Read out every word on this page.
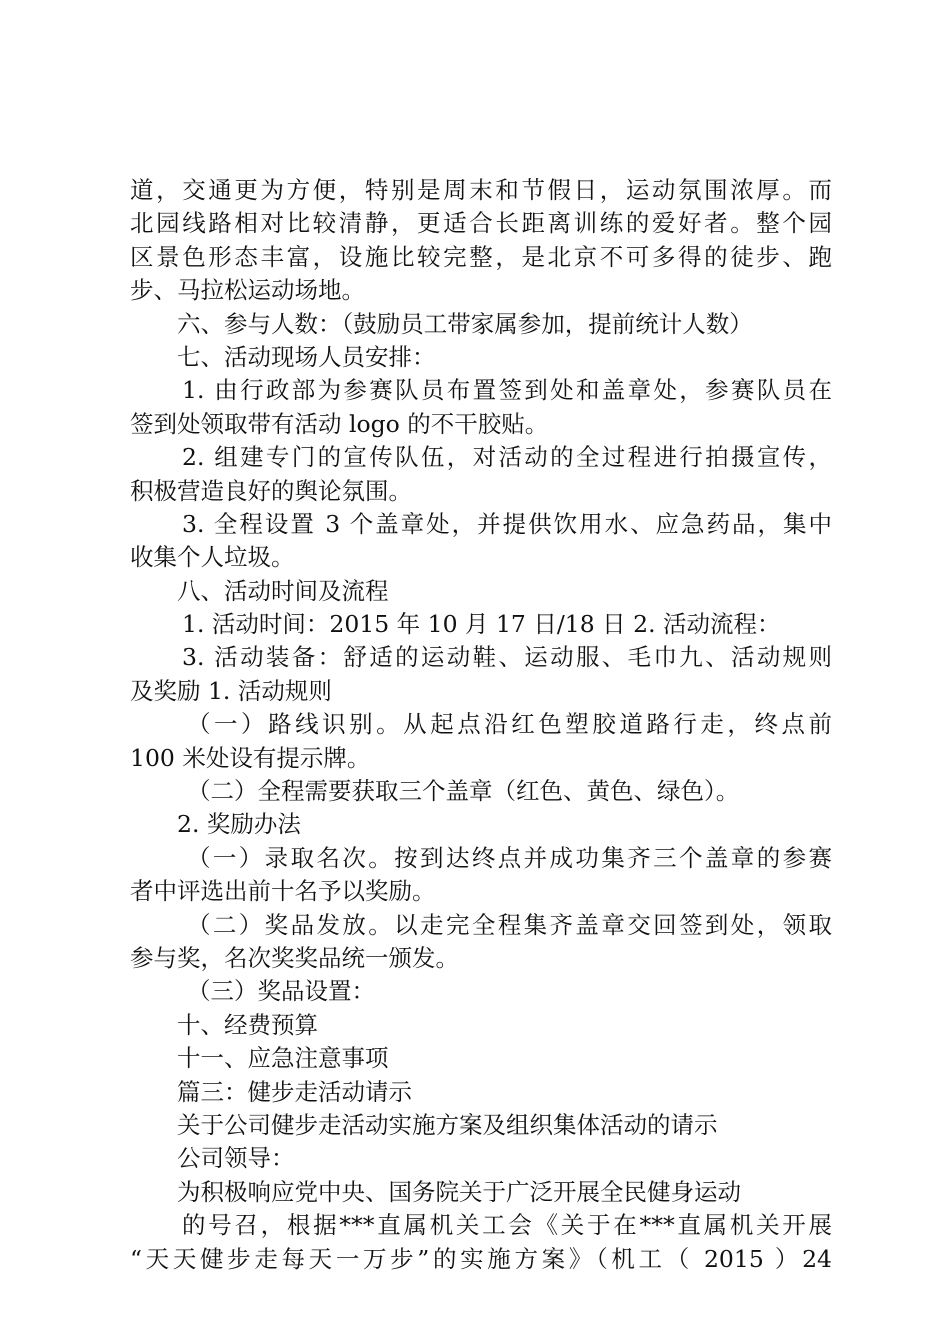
道，交通更为方便，特别是周末和节假日，运动氛围浓厚。而
北园线路相对比较清静，更适合长距离训练的爱好者。整个园
区景色形态丰富，设施比较完整，是北京不可多得的徒步、跑
步、马拉松运动场地。
六、参与人数：（鼓励员工带家属参加，提前统计人数）
七、活动现场人员安排：
1. 由行政部为参赛队员布置签到处和盖章处，参赛队员在
签到处领取带有活动 logo 的不干胶贴。
2. 组建专门的宣传队伍，对活动的全过程进行拍摄宣传，
积极营造良好的舆论氛围。
3. 全程设置 3 个盖章处，并提供饮用水、应急药品，集中
收集个人垃圾。
八、活动时间及流程
1. 活动时间：2015 年 10 月 17 日/18 日 2. 活动流程：
3. 活动装备：舒适的运动鞋、运动服、毛巾九、活动规则
及奖励 1. 活动规则
（一）路线识别。从起点沿红色塑胶道路行走，终点前
100 米处设有提示牌。
（二）全程需要获取三个盖章（红色、黄色、绿色）。
2. 奖励办法
（一）录取名次。按到达终点并成功集齐三个盖章的参赛
者中评选出前十名予以奖励。
（二）奖品发放。以走完全程集齐盖章交回签到处，领取
参与奖，名次奖奖品统一颁发。
（三）奖品设置：
十、经费预算
十一、应急注意事项
篇三：健步走活动请示
关于公司健步走活动实施方案及组织集体活动的请示
公司领导：
为积极响应党中央、国务院关于广泛开展全民健身运动
的号召，根据***直属机关工会《关于在***直属机关开展
“天天健步走每天一万步”的实施方案》（机工（ 2015 ）24
